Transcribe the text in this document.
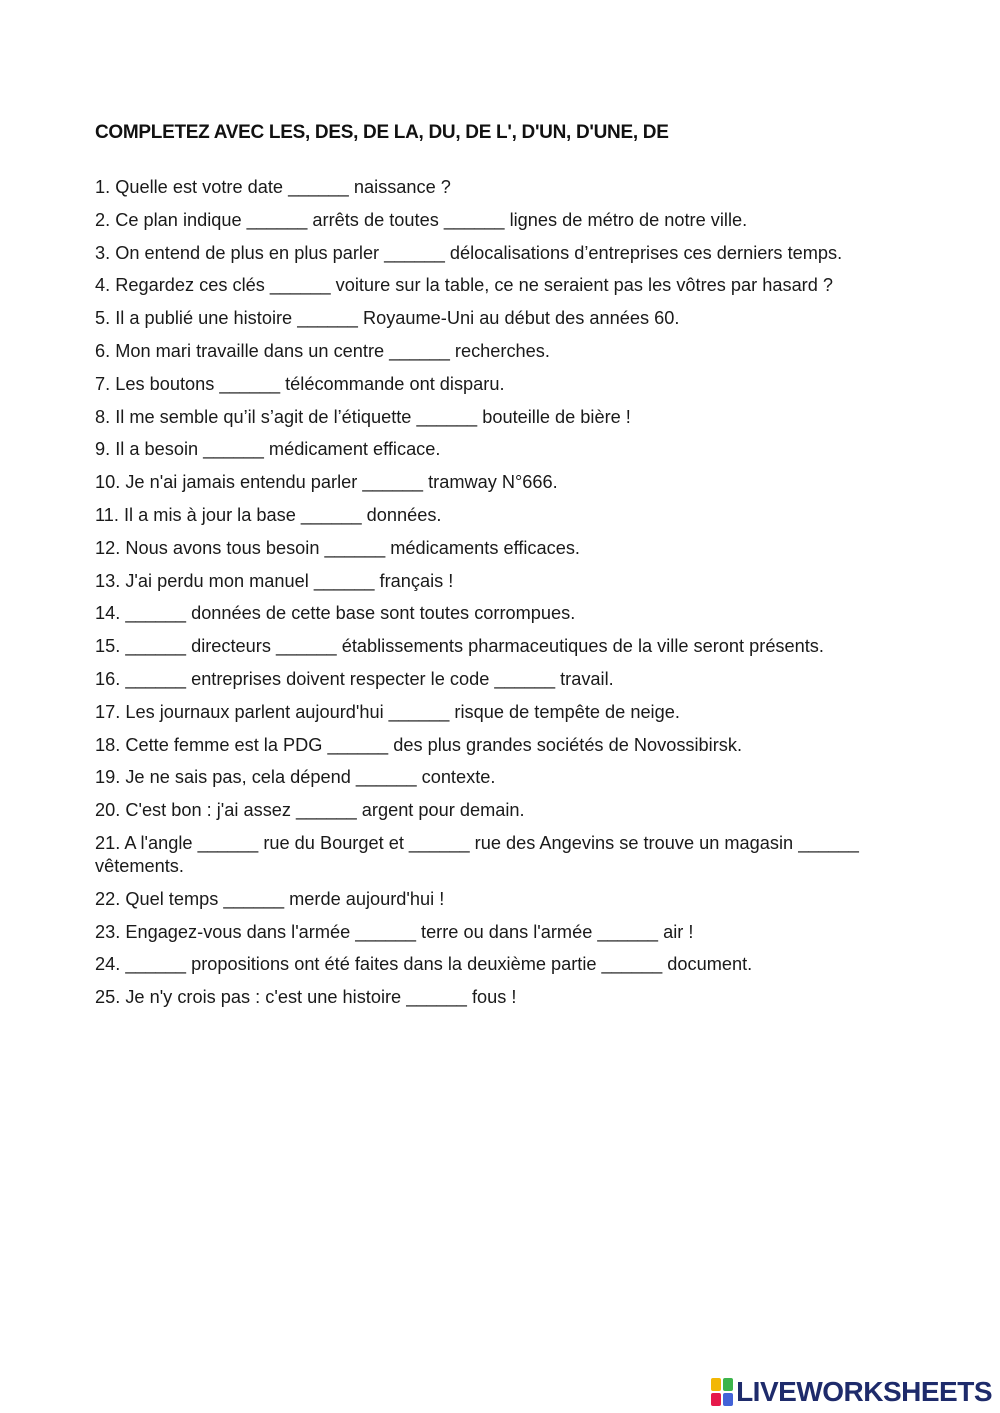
COMPLETEZ AVEC LES, DES, DE LA, DU, DE L', D'UN, D'UNE, DE
1. Quelle est votre date ______ naissance ?
2. Ce plan indique ______ arrêts de toutes ______ lignes de métro de notre ville.
3. On entend de plus en plus parler ______ délocalisations d’entreprises ces derniers temps.
4. Regardez ces clés ______ voiture sur la table, ce ne seraient pas les vôtres par hasard ?
5. Il a publié une histoire ______ Royaume-Uni au début des années 60.
6. Mon mari travaille dans un centre ______ recherches.
7. Les boutons ______ télécommande ont disparu.
8. Il me semble qu’il s’agit de l’étiquette ______ bouteille de bière !
9. Il a besoin ______ médicament efficace.
10. Je n'ai jamais entendu parler ______ tramway N°666.
11. Il a mis à jour la base ______ données.
12. Nous avons tous besoin ______ médicaments efficaces.
13. J'ai perdu mon manuel ______ français !
14. ______ données de cette base sont toutes corrompues.
15. ______ directeurs ______ établissements pharmaceutiques de la ville seront présents.
16. ______ entreprises doivent respecter le code ______ travail.
17. Les journaux parlent aujourd'hui ______ risque de tempête de neige.
18. Cette femme est la PDG ______ des plus grandes sociétés de Novossibirsk.
19. Je ne sais pas, cela dépend ______ contexte.
20. C'est bon : j'ai assez ______ argent pour demain.
21. A l'angle ______ rue du Bourget et ______ rue des Angevins se trouve un magasin ______ vêtements.
22. Quel temps ______ merde aujourd'hui !
23. Engagez-vous dans l'armée ______ terre ou dans l'armée ______ air !
24. ______ propositions ont été faites dans la deuxième partie ______ document.
25. Je n'y crois pas : c'est une histoire ______ fous !
LIVEWORKSHEETS
